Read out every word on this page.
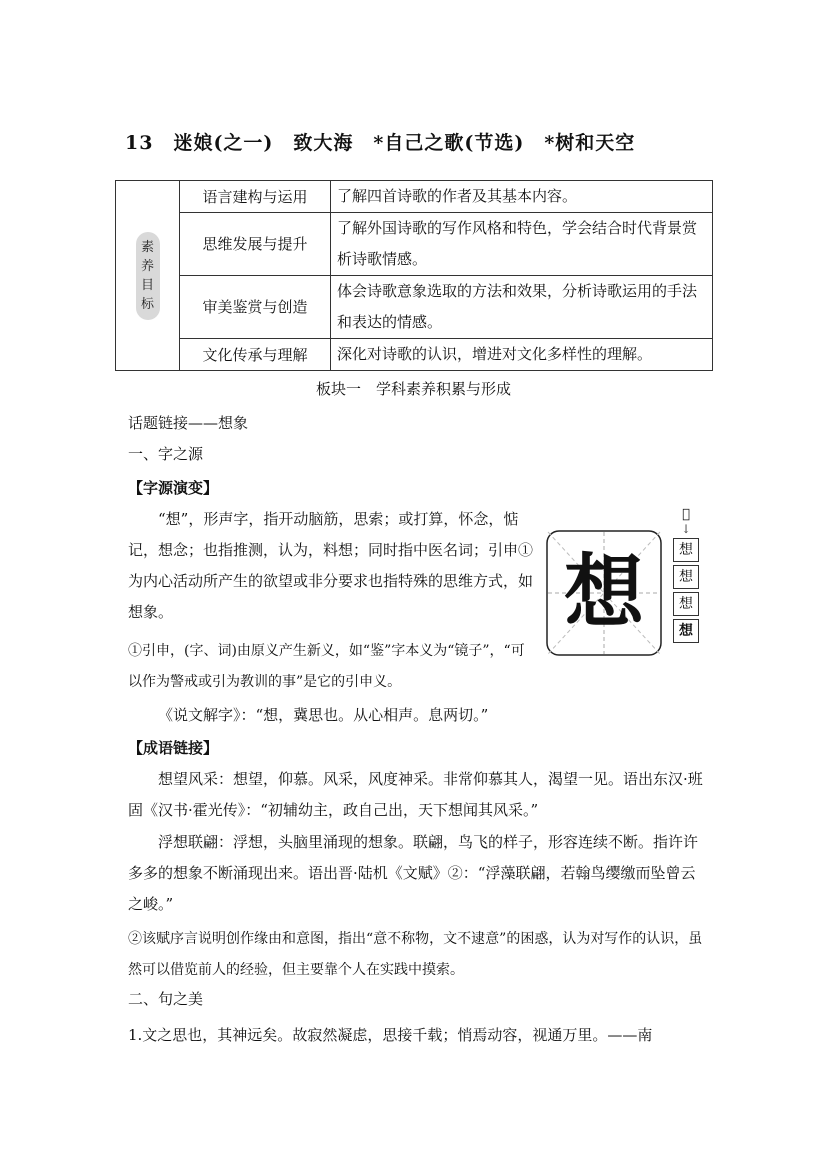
13　迷娘(之一)　致大海　*自己之歌(节选)　*树和天空
素
养
目
标	语言建构与运用	了解四首诗歌的作者及其基本内容。
	思维发展与提升	了解外国诗歌的写作风格和特色，学会结合时代背景赏析诗歌情感。
	审美鉴赏与创造	体会诗歌意象选取的方法和效果，分析诗歌运用的手法和表达的情感。
	文化传承与理解	深化对诗歌的认识，增进对文化多样性的理解。
板块一　学科素养积累与形成
话题链接——想象
一、字之源
【字源演变】
“想”，形声字，指开动脑筋，思索；或打算，怀念，惦记，想念；也指推测，认为，料想；同时指中医名词；引申①为内心活动所产生的欲望或非分要求也指特殊的思维方式，如想象。	想
𢞿
↓
想
想
想
想
①引申，(字、词)由原义产生新义，如“鉴”字本义为“镜子”，“可以作为警戒或引为教训的事”是它的引申义。
《说文解字》：“想，冀思也。从心相声。息两切。”
【成语链接】
想望风采：想望，仰慕。风采，风度神采。非常仰慕其人，渴望一见。语出东汉·班固《汉书·霍光传》：“初辅幼主，政自己出，天下想闻其风采。”
浮想联翩：浮想，头脑里涌现的想象。联翩，鸟飞的样子，形容连续不断。指许许多多的想象不断涌现出来。语出晋·陆机《文赋》②：“浮藻联翩，若翰鸟缨缴而坠曾云之峻。”
②该赋序言说明创作缘由和意图，指出“意不称物，文不逮意”的困惑，认为对写作的认识，虽然可以借览前人的经验，但主要靠个人在实践中摸索。
二、句之美
1.文之思也，其神远矣。故寂然凝虑，思接千载；悄焉动容，视通万里。——南
